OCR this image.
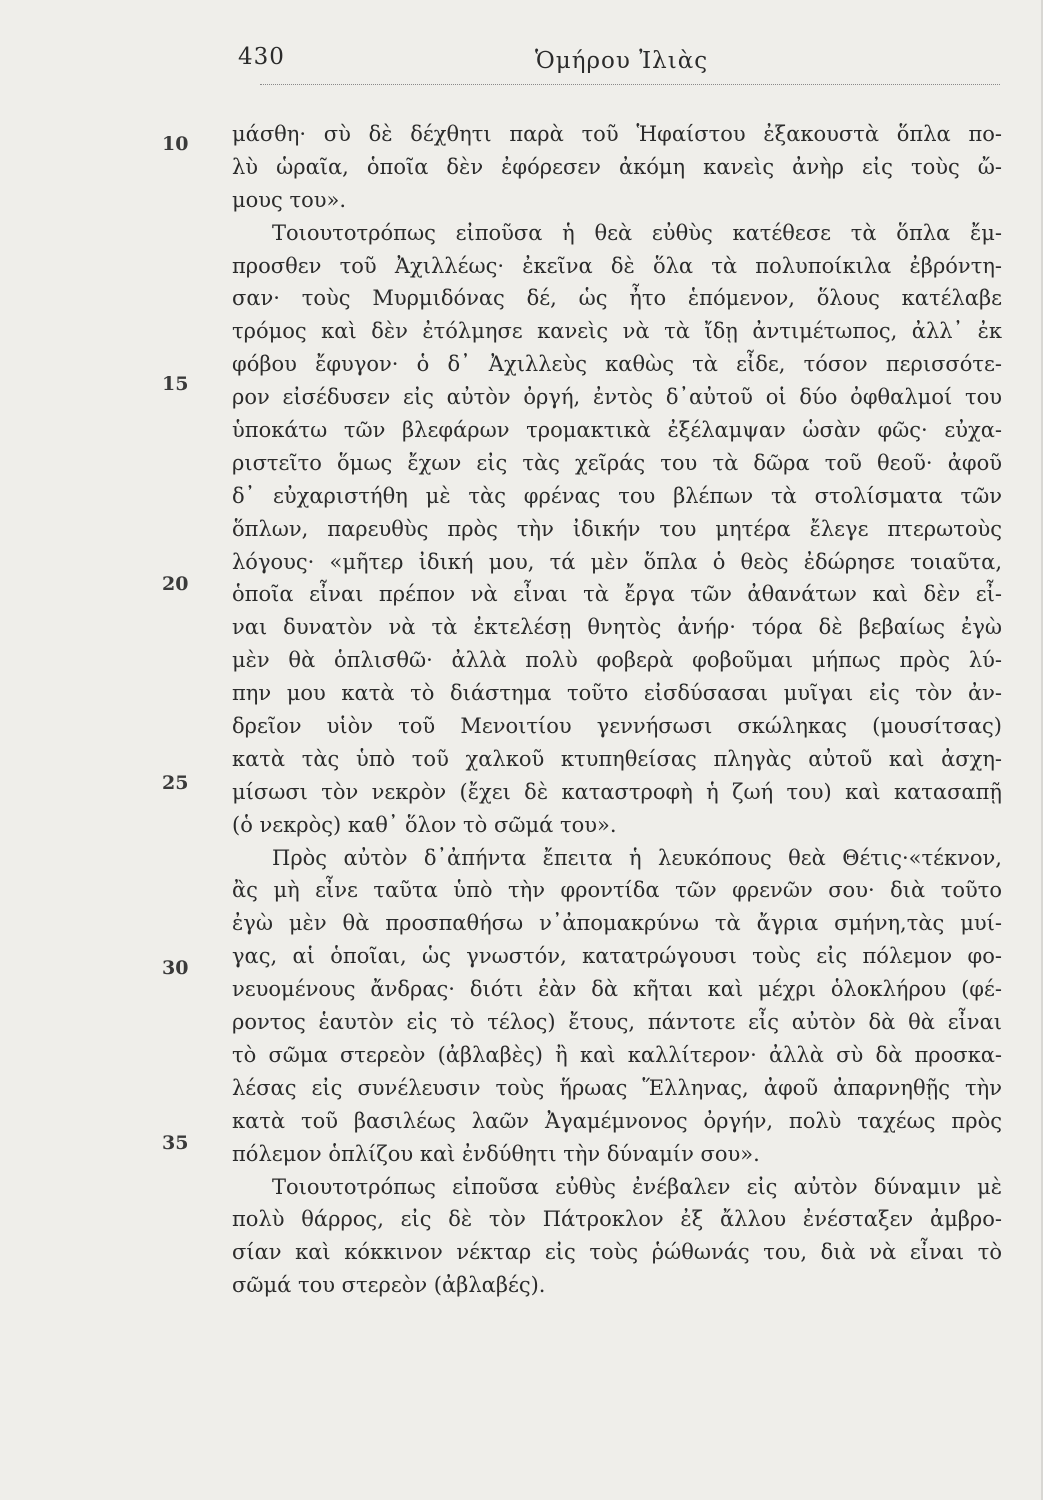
430	Ὁμήρου Ἰλιὰς
10
15
20
25
30
35
μάσθη· σὺ δὲ δέχθητι παρὰ τοῦ Ἡφαίστου ἐξακουστὰ ὅπλα πο-
λὺ ὡραῖα, ὁποῖα δὲν ἐφόρεσεν ἀκόμη κανεὶς ἀνὴρ εἰς τοὺς ὤ-
μους του».
Τοιουτοτρόπως εἰποῦσα ἡ θεὰ εὐθὺς κατέθεσε τὰ ὅπλα ἔμ-
προσθεν τοῦ Ἀχιλλέως· ἐκεῖνα δὲ ὅλα τὰ πολυποίκιλα ἐβρόντη-
σαν· τοὺς Μυρμιδόνας δέ, ὡς ἦτο ἑπόμενον, ὅλους κατέλαβε
τρόμος καὶ δὲν ἐτόλμησε κανεὶς νὰ τὰ ἴδῃ ἀντιμέτωπος, ἀλλ᾽ ἐκ
φόβου ἔφυγον· ὁ δ᾽ Ἀχιλλεὺς καθὼς τὰ εἶδε, τόσον περισσότε-
ρον εἰσέδυσεν εἰς αὐτὸν ὀργή, ἐντὸς δ᾽αὐτοῦ οἱ δύο ὀφθαλμοί του
ὑποκάτω τῶν βλεφάρων τρομακτικὰ ἐξέλαμψαν ὡσὰν φῶς· εὐχα-
ριστεῖτο ὅμως ἔχων εἰς τὰς χεῖράς του τὰ δῶρα τοῦ θεοῦ· ἀφοῦ
δ᾽ εὐχαριστήθη μὲ τὰς φρένας του βλέπων τὰ στολίσματα τῶν
ὅπλων, παρευθὺς πρὸς τὴν ἰδικήν του μητέρα ἔλεγε πτερωτοὺς
λόγους· «μῆτερ ἰδική μου, τά μὲν ὅπλα ὁ θεὸς ἐδώρησε τοιαῦτα,
ὁποῖα εἶναι πρέπον νὰ εἶναι τὰ ἔργα τῶν ἀθανάτων καὶ δὲν εἶ-
ναι δυνατὸν νὰ τὰ ἐκτελέσῃ θνητὸς ἀνήρ· τόρα δὲ βεβαίως ἐγὼ
μὲν θὰ ὁπλισθῶ· ἀλλὰ πολὺ φοβερὰ φοβοῦμαι μήπως πρὸς λύ-
πην μου κατὰ τὸ διάστημα τοῦτο εἰσδύσασαι μυῖγαι εἰς τὸν ἀν-
δρεῖον υἱὸν τοῦ Μενοιτίου γεννήσωσι σκώληκας (μουσίτσας)
κατὰ τὰς ὑπὸ τοῦ χαλκοῦ κτυπηθείσας πληγὰς αὐτοῦ καὶ ἀσχη-
μίσωσι τὸν νεκρὸν (ἔχει δὲ καταστροφὴ ἡ ζωή του) καὶ κατασαπῇ
(ὁ νεκρὸς) καθ᾽ ὅλον τὸ σῶμά του».
Πρὸς αὐτὸν δ᾽ἀπήντα ἔπειτα ἡ λευκόπους θεὰ Θέτις·«τέκνον,
ἂς μὴ εἶνε ταῦτα ὑπὸ τὴν φροντίδα τῶν φρενῶν σου· διὰ τοῦτο
ἐγὼ μὲν θὰ προσπαθήσω ν᾽ἀπομακρύνω τὰ ἄγρια σμήνη,τὰς μυί-
γας, αἱ ὁποῖαι, ὡς γνωστόν, κατατρώγουσι τοὺς εἰς πόλεμον φο-
νευομένους ἄνδρας· διότι ἐὰν δὰ κῆται καὶ μέχρι ὁλοκλήρου (φέ-
ροντος ἑαυτὸν εἰς τὸ τέλος) ἔτους, πάντοτε εἶς αὐτὸν δὰ θὰ εἶναι
τὸ σῶμα στερεὸν (ἀβλαβὲς) ἢ καὶ καλλίτερον· ἀλλὰ σὺ δὰ προσκα-
λέσας εἰς συνέλευσιν τοὺς ἥρωας Ἕλληνας, ἀφοῦ ἀπαρνηθῇς τὴν
κατὰ τοῦ βασιλέως λαῶν Ἀγαμέμνονος ὀργήν, πολὺ ταχέως πρὸς
πόλεμον ὁπλίζου καὶ ἐνδύθητι τὴν δύναμίν σου».
Τοιουτοτρόπως εἰποῦσα εὐθὺς ἐνέβαλεν εἰς αὐτὸν δύναμιν μὲ
πολὺ θάρρος, εἰς δὲ τὸν Πάτροκλον ἐξ ἄλλου ἐνέσταξεν ἀμβρο-
σίαν καὶ κόκκινον νέκταρ εἰς τοὺς ῥώθωνάς του, διὰ νὰ εἶναι τὸ
σῶμά του στερεὸν (ἀβλαβές).
